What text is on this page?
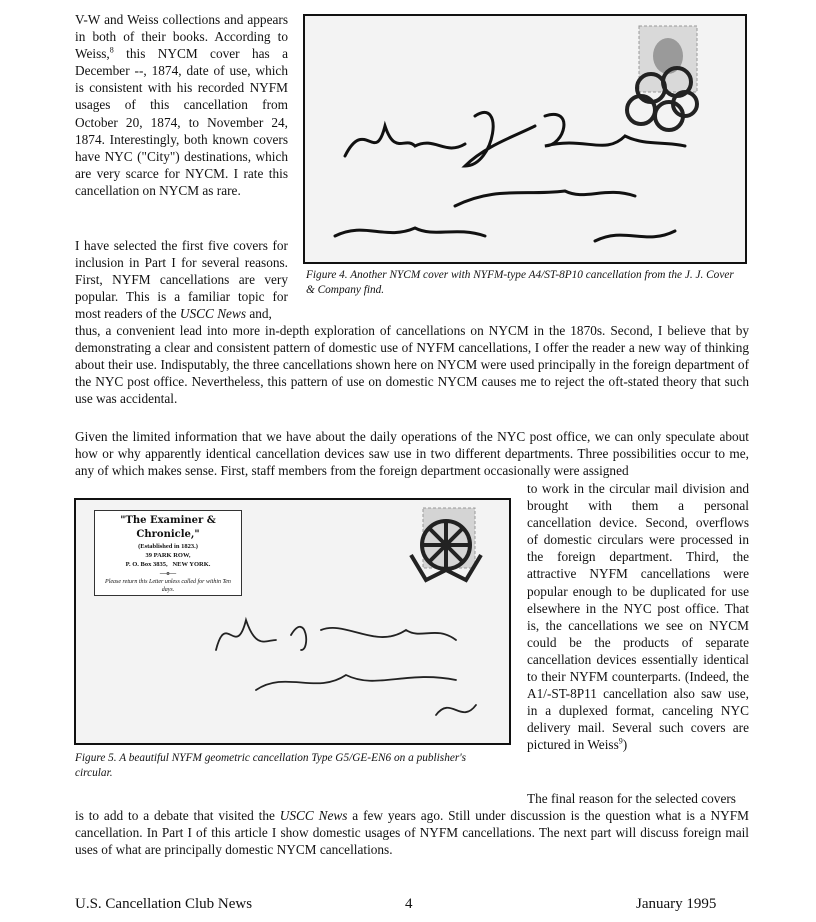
V-W and Weiss collections and appears in both of their books. According to Weiss,$^8$ this NYCM cover has a December --, 1874, date of use, which is consistent with his recorded NYFM usages of this cancellation from October 20, 1874, to November 24, 1874. Interestingly, both known covers have NYC ("City") destinations, which are very scarce for NYCM. I rate this cancellation on NYCM as rare.

Figure 4. Another NYCM cover with NYFM-type A4/ST-8P10 cancellation from the J. J. Cover & Company find.

I have selected the first five covers for inclusion in Part I for several reasons. First, NYFM cancellations are very popular. This is a familiar topic for most readers of the USCC News and,

thus, a convenient lead into more in-depth exploration of cancellations on NYCM in the 1870s. Second, I believe that by demonstrating a clear and consistent pattern of domestic use of NYFM cancellations, I offer the reader a new way of thinking about their use. Indisputably, the three cancellations shown here on NYCM were used principally in the foreign department of the NYC post office. Nevertheless, this pattern of use on domestic NYCM causes me to reject the oft-stated theory that such use was accidental.

Given the limited information that we have about the daily operations of the NYC post office, we can only speculate about how or why apparently identical cancellation devices saw use in two different departments. Three possibilities occur to me, any of which makes sense. First, staff members from the foreign department occasionally were assigned

to work in the circular mail division and brought with them a personal cancellation device. Second, overflows of domestic circulars were processed in the foreign department. Third, the attractive NYFM cancellations were popular enough to be duplicated for use elsewhere in the NYC post office. That is, the cancellations we see on NYCM could be the products of separate cancellation devices essentially identical to their NYFM counterparts. (Indeed, the A1/-ST-8P11 cancellation also saw use, in a duplexed format, canceling NYC delivery mail. Several such covers are pictured in Weiss$^9$)

"The Examiner & Chronicle,"
(Established in 1823.)
39 PARK ROW,
P. O. Box 3835, NEW YORK.
—o—
Please return this Letter unless called for within Ten days.

Figure 5. A beautiful NYFM geometric cancellation Type G5/GE-EN6 on a publisher's circular.

The final reason for the selected covers

is to add to a debate that visited the USCC News a few years ago. Still under discussion is the question what is a NYFM cancellation. In Part I of this article I show domestic usages of NYFM cancellations. The next part will discuss foreign mail uses of what are principally domestic NYCM cancellations.

U.S. Cancellation Club News	4	January 1995
